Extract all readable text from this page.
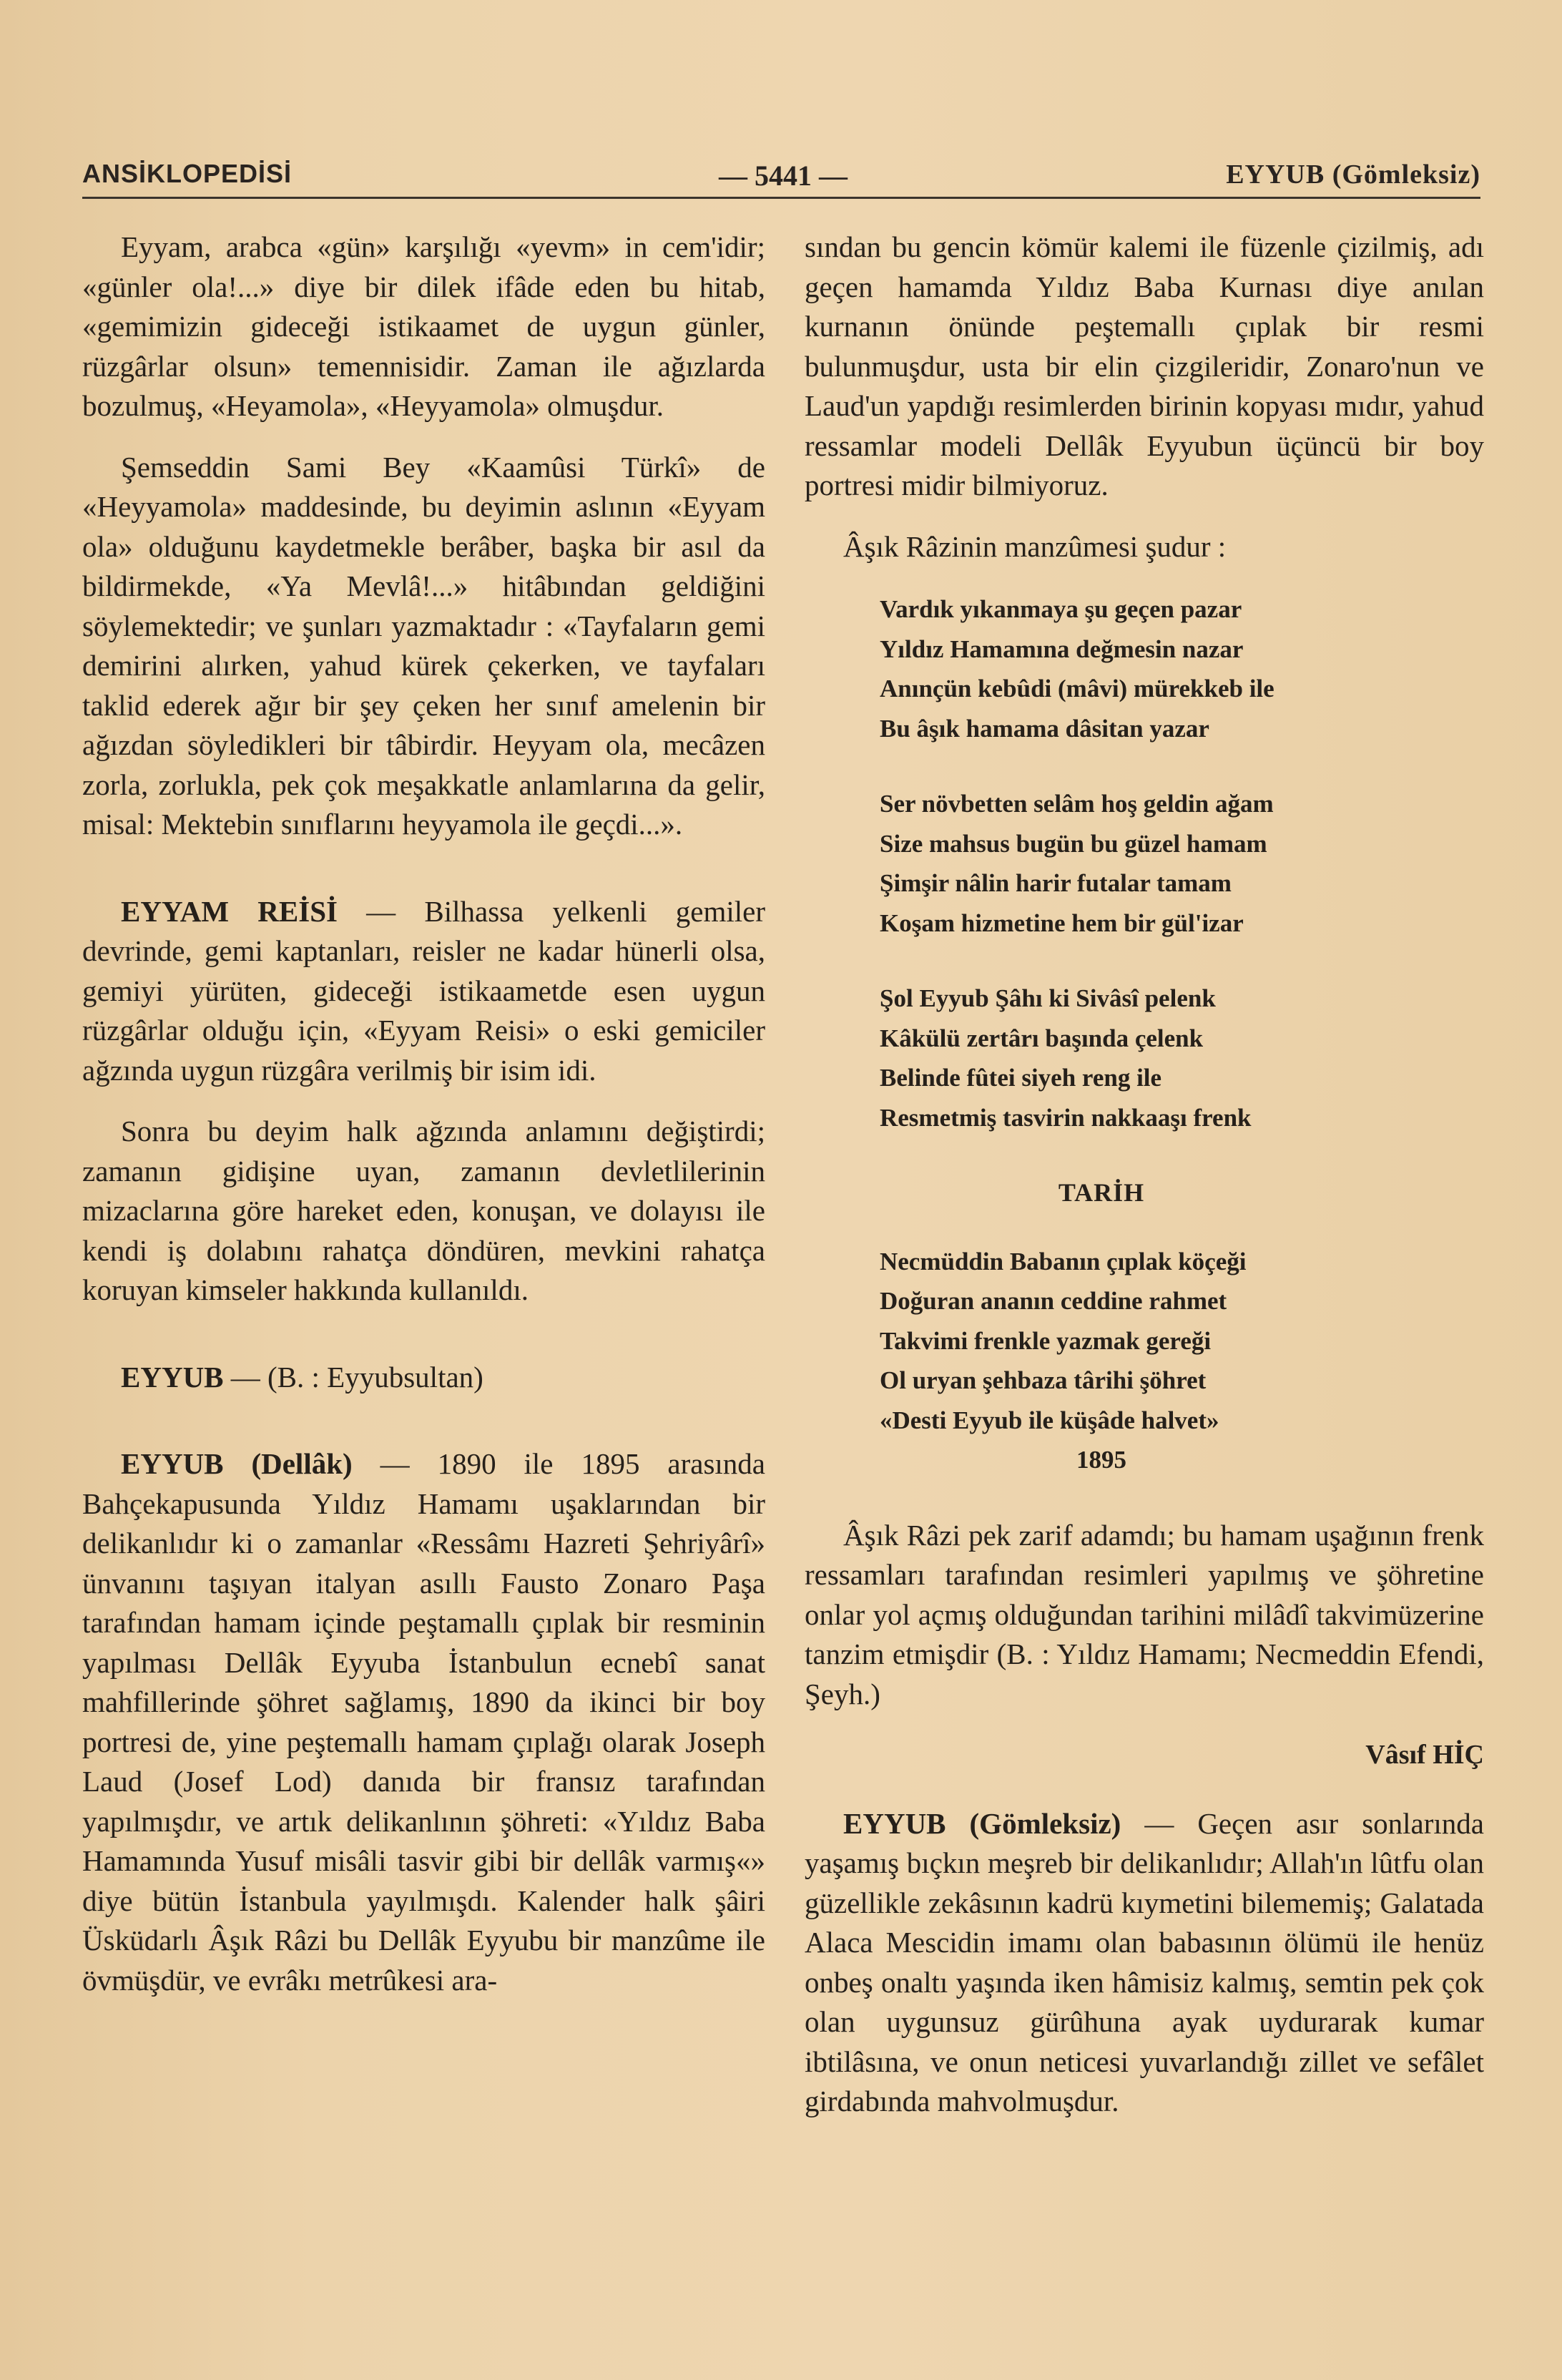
ANSİKLOPEDİSİ	— 5441 —	EYYUB (Gömleksiz)

Eyyam, arabca «gün» karşılığı «yevm» in cem'idir; «günler ola!...» diye bir dilek ifâde eden bu hitab, «gemimizin gideceği istikaamet de uygun günler, rüzgârlar olsun» temennisidir. Zaman ile ağızlarda bozulmuş, «Heyamola», «Heyyamola» olmuşdur.

Şemseddin Sami Bey «Kaamûsi Türkî» de «Heyyamola» maddesinde, bu deyimin aslının «Eyyam ola» olduğunu kaydetmekle berâber, başka bir asıl da bildirmekde, «Ya Mevlâ!...» hitâbından geldiğini söylemektedir; ve şunları yazmaktadır : «Tayfaların gemi demirini alırken, yahud kürek çekerken, ve tayfaları taklid ederek ağır bir şey çeken her sınıf amelenin bir ağızdan söyledikleri bir tâbirdir. Heyyam ola, mecâzen zorla, zorlukla, pek çok meşakkatle anlamlarına da gelir, misal: Mektebin sınıflarını heyyamola ile geçdi...».

EYYAM REİSİ — Bilhassa yelkenli gemiler devrinde, gemi kaptanları, reisler ne kadar hünerli olsa, gemiyi yürüten, gideceği istikaametde esen uygun rüzgârlar olduğu için, «Eyyam Reisi» o eski gemiciler ağzında uygun rüzgâra verilmiş bir isim idi.

Sonra bu deyim halk ağzında anlamını değiştirdi; zamanın gidişine uyan, zamanın devletlilerinin mizaclarına göre hareket eden, konuşan, ve dolayısı ile kendi iş dolabını rahatça döndüren, mevkini rahatça koruyan kimseler hakkında kullanıldı.

EYYUB — (B. : Eyyubsultan)

EYYUB (Dellâk) — 1890 ile 1895 arasında Bahçekapusunda Yıldız Hamamı uşaklarından bir delikanlıdır ki o zamanlar «Ressâmı Hazreti Şehriyârî» ünvanını taşıyan italyan asıllı Fausto Zonaro Paşa tarafından hamam içinde peştamallı çıplak bir resminin yapılması Dellâk Eyyuba İstanbulun ecnebî sanat mahfillerinde şöhret sağlamış, 1890 da ikinci bir boy portresi de, yine peştemallı hamam çıplağı olarak Joseph Laud (Josef Lod) danıda bir fransız tarafından yapılmışdır, ve artık delikanlının şöhreti: «Yıldız Baba Hamamında Yusuf misâli tasvir gibi bir dellâk varmış«» diye bütün İstanbula yayılmışdı. Kalender halk şâiri Üsküdarlı Âşık Râzi bu Dellâk Eyyubu bir manzûme ile övmüşdür, ve evrâkı metrûkesi ara-

sından bu gencin kömür kalemi ile füzenle çizilmiş, adı geçen hamamda Yıldız Baba Kurnası diye anılan kurnanın önünde peştemallı çıplak bir resmi bulunmuşdur, usta bir elin çizgileridir, Zonaro'nun ve Laud'un yapdığı resimlerden birinin kopyası mıdır, yahud ressamlar modeli Dellâk Eyyubun üçüncü bir boy portresi midir bilmiyoruz.

Âşık Râzinin manzûmesi şudur :

Vardık yıkanmaya şu geçen pazar
Yıldız Hamamına değmesin nazar
Anınçün kebûdi (mâvi) mürekkeb ile
Bu âşık hamama dâsitan yazar
Ser növbetten selâm hoş geldin ağam
Size mahsus bugün bu güzel hamam
Şimşir nâlin harir futalar tamam
Koşam hizmetine hem bir gül'izar
Şol Eyyub Şâhı ki Sivâsî pelenk
Kâkülü zertârı başında çelenk
Belinde fûtei siyeh reng ile
Resmetmiş tasvirin nakkaaşı frenk
TARİH
Necmüddin Babanın çıplak köçeği
Doğuran ananın ceddine rahmet
Takvimi frenkle yazmak gereği
Ol uryan şehbaza târihi şöhret
«Desti Eyyub ile küşâde halvet»
1895

Âşık Râzi pek zarif adamdı; bu hamam uşağının frenk ressamları tarafından resimleri yapılmış ve şöhretine onlar yol açmış olduğundan tarihini milâdî takvimüzerine tanzim etmişdir (B. : Yıldız Hamamı; Necmeddin Efendi, Şeyh.)

Vâsıf HİÇ

EYYUB (Gömleksiz) — Geçen asır sonlarında yaşamış bıçkın meşreb bir delikanlıdır; Allah'ın lûtfu olan güzellikle zekâsının kadrü kıymetini bilememiş; Galatada Alaca Mescidin imamı olan babasının ölümü ile henüz onbeş onaltı yaşında iken hâmisiz kalmış, semtin pek çok olan uygunsuz gürûhuna ayak uydurarak kumar ibtilâsına, ve onun neticesi yuvarlandığı zillet ve sefâlet girdabında mahvolmuşdur.
